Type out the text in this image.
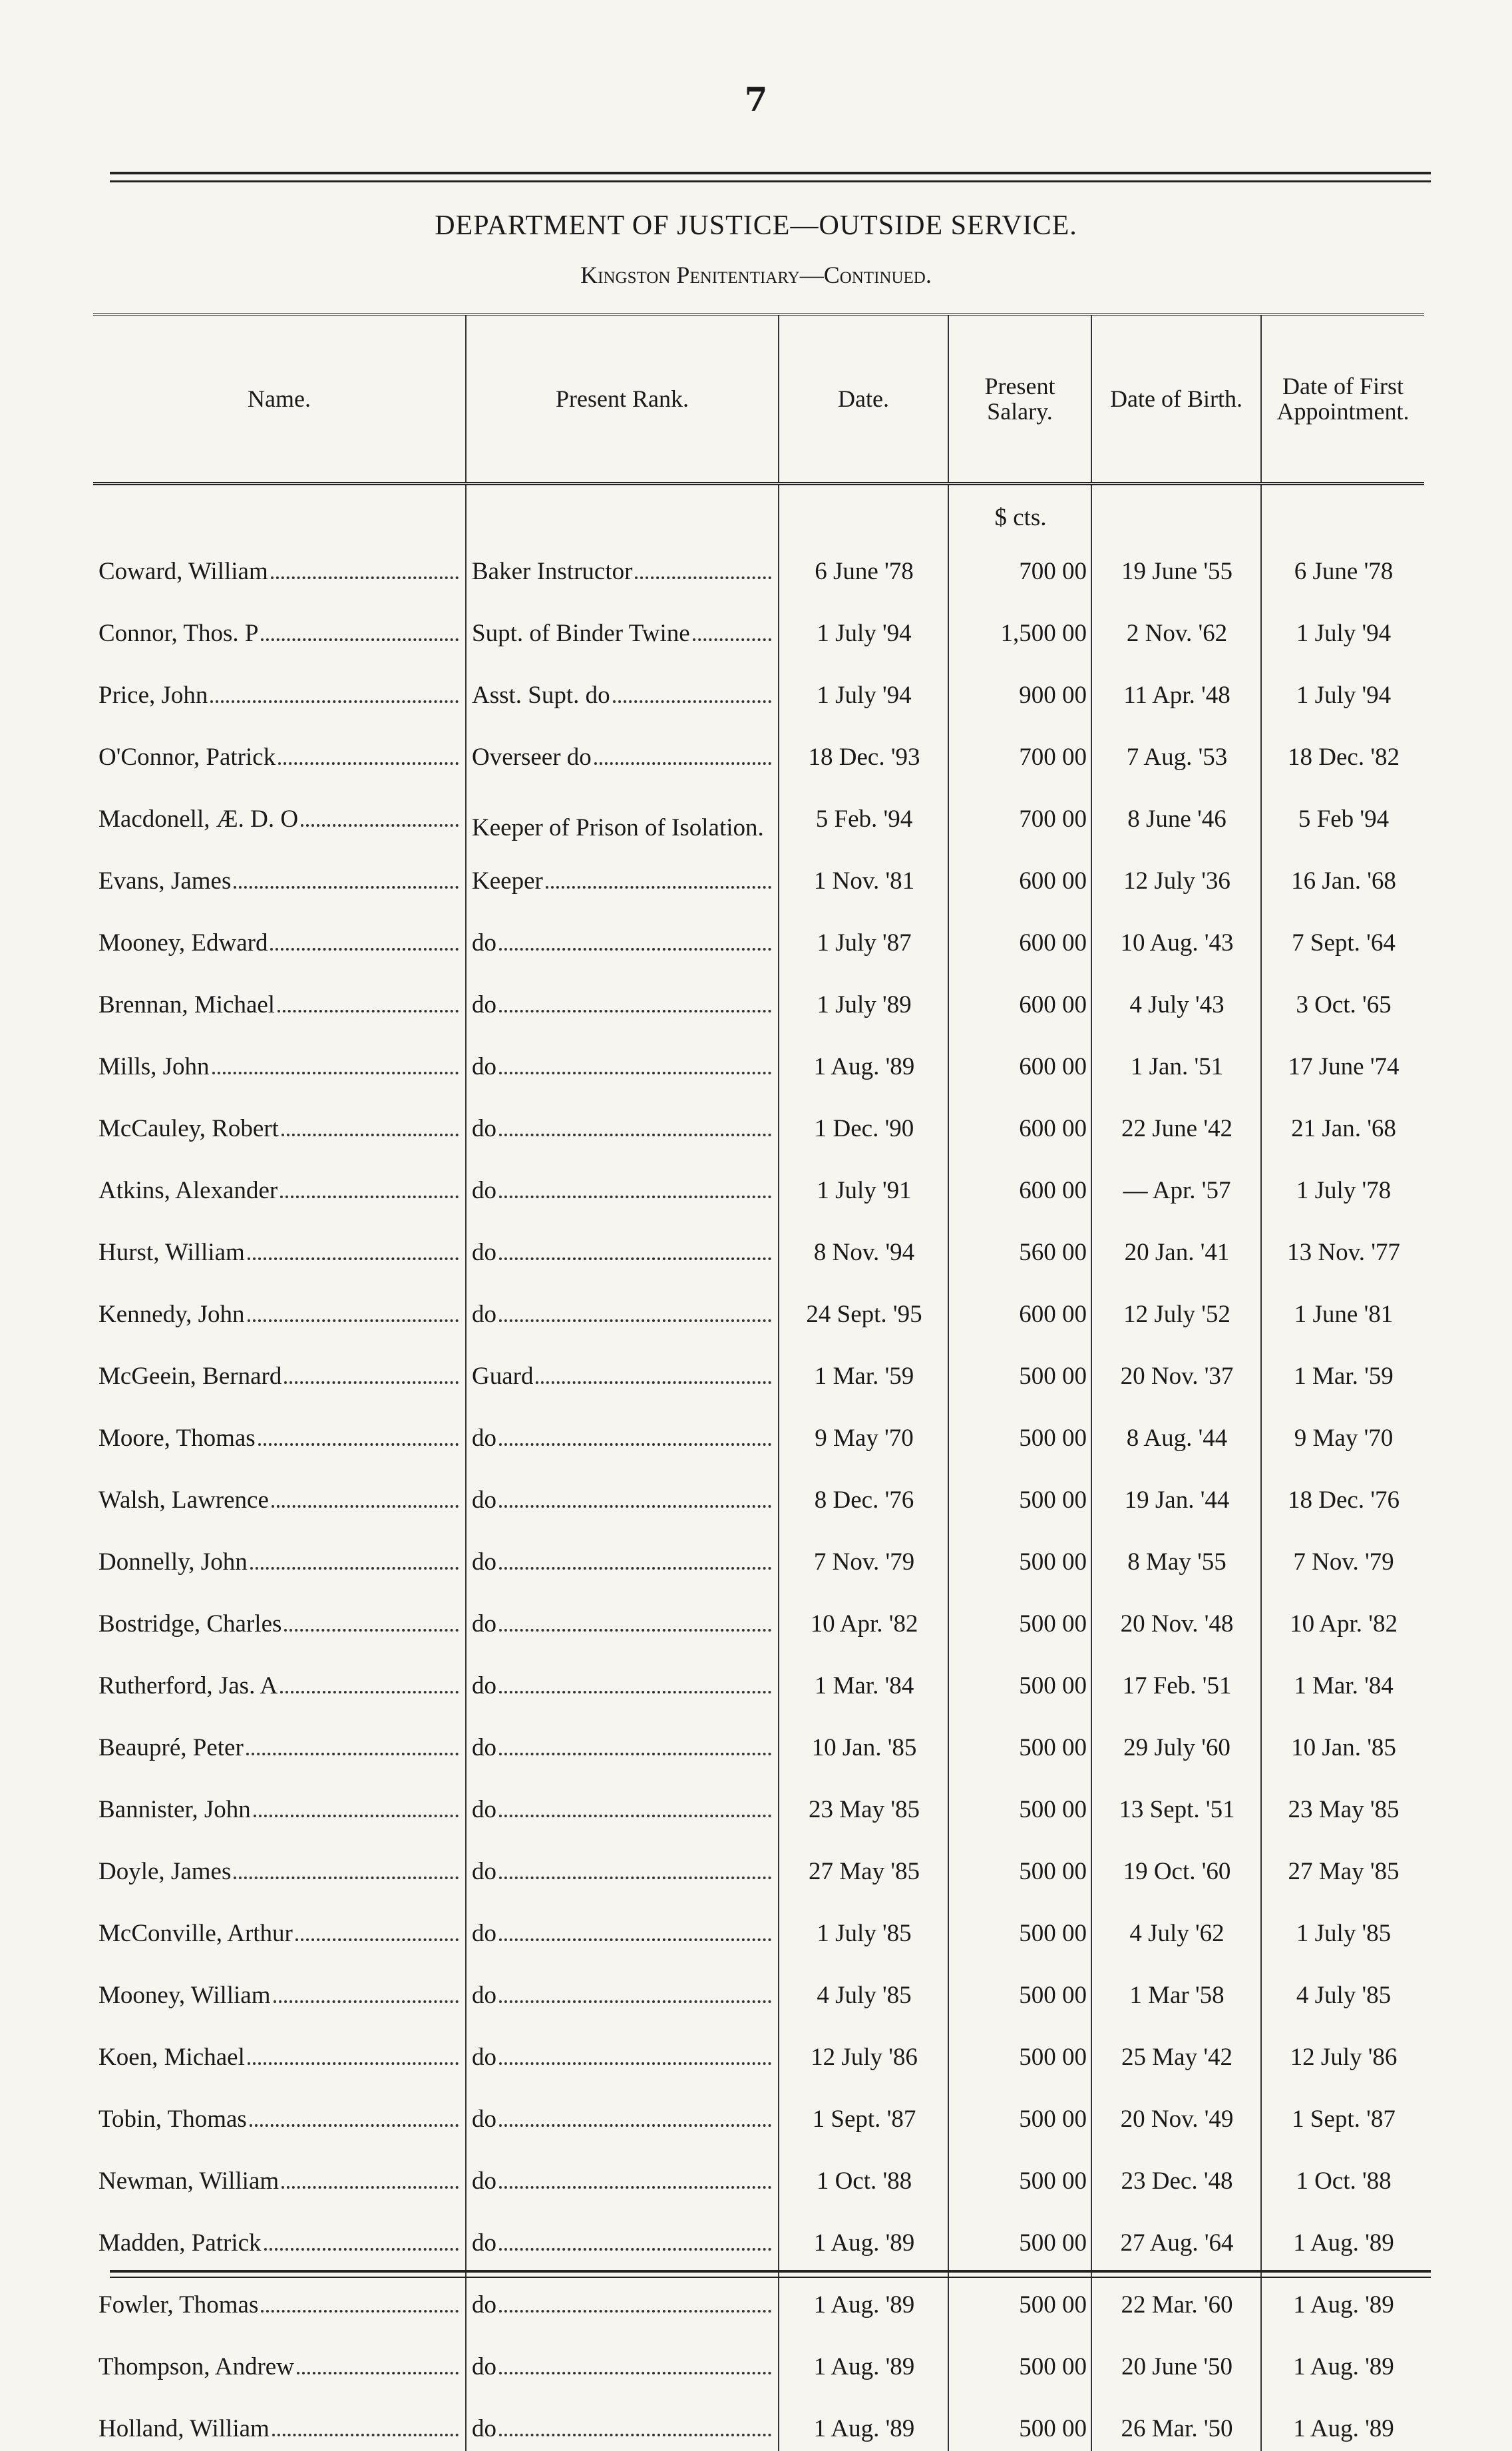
7
DEPARTMENT OF JUSTICE—OUTSIDE SERVICE.
Kingston Penitentiary—Continued.
Name.	Present Rank.	Date.	Present Salary.	Date of Birth.	Date of First Appointment.
			$ cts.		

Coward, William	Baker Instructor	6 June '78	700 00	19 June '55	6 June '78

Connor, Thos. P	Supt. of Binder Twine	1 July '94	1,500 00	2 Nov. '62	1 July '94

Price, John	Asst. Supt. do	1 July '94	900 00	11 Apr. '48	1 July '94

O'Connor, Patrick	Overseer do	18 Dec. '93	700 00	7 Aug. '53	18 Dec. '82

Macdonell, Æ. D. O	Keeper of Prison of Isolation.	5 Feb. '94	700 00	8 June '46	5 Feb '94

Evans, James	Keeper	1 Nov. '81	600 00	12 July '36	16 Jan. '68

Mooney, Edward	do	1 July '87	600 00	10 Aug. '43	7 Sept. '64

Brennan, Michael	do	1 July '89	600 00	4 July '43	3 Oct. '65

Mills, John	do	1 Aug. '89	600 00	1 Jan. '51	17 June '74

McCauley, Robert	do	1 Dec. '90	600 00	22 June '42	21 Jan. '68

Atkins, Alexander	do	1 July '91	600 00	— Apr. '57	1 July '78

Hurst, William	do	8 Nov. '94	560 00	20 Jan. '41	13 Nov. '77

Kennedy, John	do	24 Sept. '95	600 00	12 July '52	1 June '81

McGeein, Bernard	Guard	1 Mar. '59	500 00	20 Nov. '37	1 Mar. '59

Moore, Thomas	do	9 May '70	500 00	8 Aug. '44	9 May '70

Walsh, Lawrence	do	8 Dec. '76	500 00	19 Jan. '44	18 Dec. '76

Donnelly, John	do	7 Nov. '79	500 00	8 May '55	7 Nov. '79

Bostridge, Charles	do	10 Apr. '82	500 00	20 Nov. '48	10 Apr. '82

Rutherford, Jas. A	do	1 Mar. '84	500 00	17 Feb. '51	1 Mar. '84

Beaupré, Peter	do	10 Jan. '85	500 00	29 July '60	10 Jan. '85

Bannister, John	do	23 May '85	500 00	13 Sept. '51	23 May '85

Doyle, James	do	27 May '85	500 00	19 Oct. '60	27 May '85

McConville, Arthur	do	1 July '85	500 00	4 July '62	1 July '85

Mooney, William	do	4 July '85	500 00	1 Mar '58	4 July '85

Koen, Michael	do	12 July '86	500 00	25 May '42	12 July '86

Tobin, Thomas	do	1 Sept. '87	500 00	20 Nov. '49	1 Sept. '87

Newman, William	do	1 Oct. '88	500 00	23 Dec. '48	1 Oct. '88

Madden, Patrick	do	1 Aug. '89	500 00	27 Aug. '64	1 Aug. '89

Fowler, Thomas	do	1 Aug. '89	500 00	22 Mar. '60	1 Aug. '89

Thompson, Andrew	do	1 Aug. '89	500 00	20 June '50	1 Aug. '89

Holland, William	do	1 Aug. '89	500 00	26 Mar. '50	1 Aug. '89
